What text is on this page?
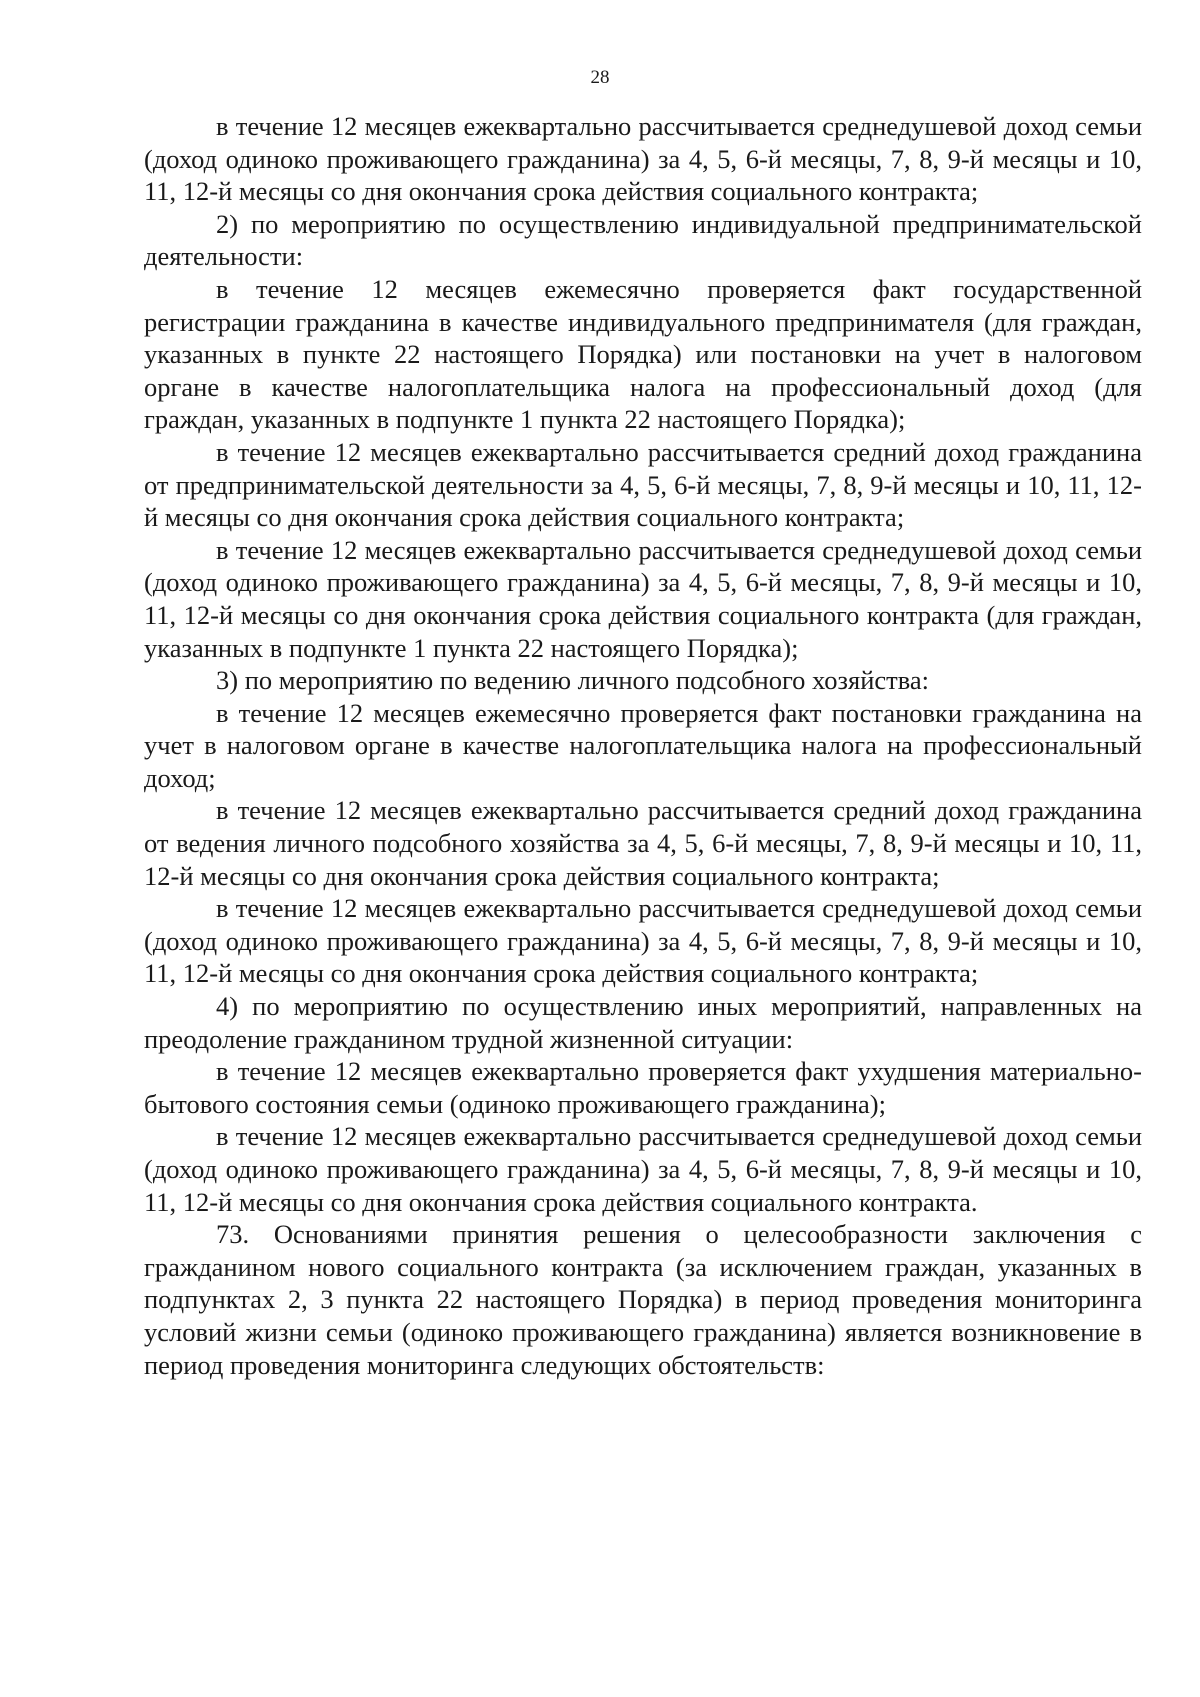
28

в течение 12 месяцев ежеквартально рассчитывается среднедушевой доход семьи (доход одиноко проживающего гражданина) за 4, 5, 6-й месяцы, 7, 8, 9-й месяцы и 10, 11, 12-й месяцы со дня окончания срока действия социального контракта;

2) по мероприятию по осуществлению индивидуальной предпринимательской деятельности:

в течение 12 месяцев ежемесячно проверяется факт государственной регистрации гражданина в качестве индивидуального предпринимателя (для граждан, указанных в пункте 22 настоящего Порядка) или постановки на учет в налоговом органе в качестве налогоплательщика налога на профессиональный доход (для граждан, указанных в подпункте 1 пункта 22 настоящего Порядка);

в течение 12 месяцев ежеквартально рассчитывается средний доход гражданина от предпринимательской деятельности за 4, 5, 6-й месяцы, 7, 8, 9-й месяцы и 10, 11, 12-й месяцы со дня окончания срока действия социального контракта;

в течение 12 месяцев ежеквартально рассчитывается среднедушевой доход семьи (доход одиноко проживающего гражданина) за 4, 5, 6-й месяцы, 7, 8, 9-й месяцы и 10, 11, 12-й месяцы со дня окончания срока действия социального контракта (для граждан, указанных в подпункте 1 пункта 22 настоящего Порядка);

3) по мероприятию по ведению личного подсобного хозяйства:

в течение 12 месяцев ежемесячно проверяется факт постановки гражданина на учет в налоговом органе в качестве налогоплательщика налога на профессиональный доход;

в течение 12 месяцев ежеквартально рассчитывается средний доход гражданина от ведения личного подсобного хозяйства за 4, 5, 6-й месяцы, 7, 8, 9-й месяцы и 10, 11, 12-й месяцы со дня окончания срока действия социального контракта;

в течение 12 месяцев ежеквартально рассчитывается среднедушевой доход семьи (доход одиноко проживающего гражданина) за 4, 5, 6-й месяцы, 7, 8, 9-й месяцы и 10, 11, 12-й месяцы со дня окончания срока действия социального контракта;

4) по мероприятию по осуществлению иных мероприятий, направленных на преодоление гражданином трудной жизненной ситуации:

в течение 12 месяцев ежеквартально проверяется факт ухудшения материально-бытового состояния семьи (одиноко проживающего гражданина);

в течение 12 месяцев ежеквартально рассчитывается среднедушевой доход семьи (доход одиноко проживающего гражданина) за 4, 5, 6-й месяцы, 7, 8, 9-й месяцы и 10, 11, 12-й месяцы со дня окончания срока действия социального контракта.

73. Основаниями принятия решения о целесообразности заключения с гражданином нового социального контракта (за исключением граждан, указанных в подпунктах 2, 3 пункта 22 настоящего Порядка) в период проведения мониторинга условий жизни семьи (одиноко проживающего гражданина) является возникновение в период проведения мониторинга следующих обстоятельств:
